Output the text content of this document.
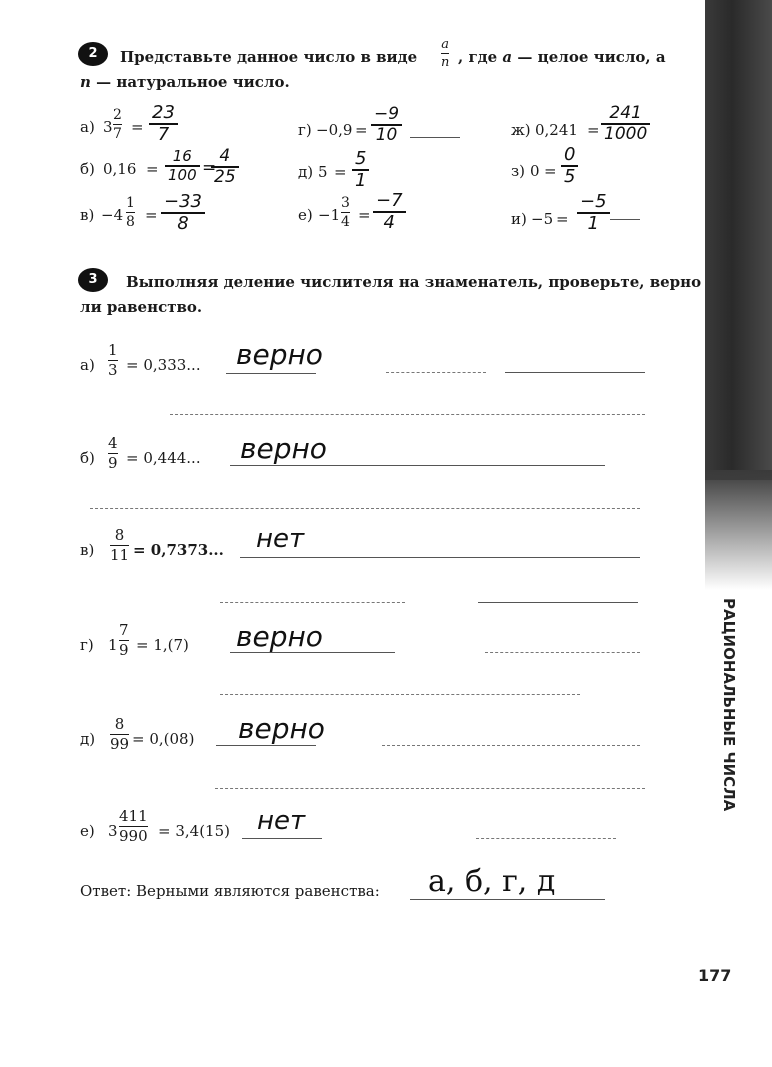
РАЦИОНАЛЬНЫЕ ЧИСЛА
177
2	Представьте данное число в виде
a
n , где a — целое число, а
n — натуральное число.
а) 3
2
7 =
23
7
б) 0,16 =
16
100 =
4
25
в) −4
1
8 =
−33
8
г) −0,9 =
−9
10
д) 5 =
5
1
е) −1
3
4 =
−7
4
ж) 0,241 =
241
1000
з) 0 =
0
5
и) −5 =
−5
1
3	Выполняя деление числителя на знаменатель, проверьте, верно
ли равенство.
а)
1
3 = 0,333... верно
б)
4
9 = 0,444... верно
в)
8
11 = 0,7373... нет
г) 1
7
9 = 1,(7) верно
д)
8
99 = 0,(08) верно
е) 3
411
990 = 3,4(15) нет
Ответ: Верными являются равенства: а, б, г, д
